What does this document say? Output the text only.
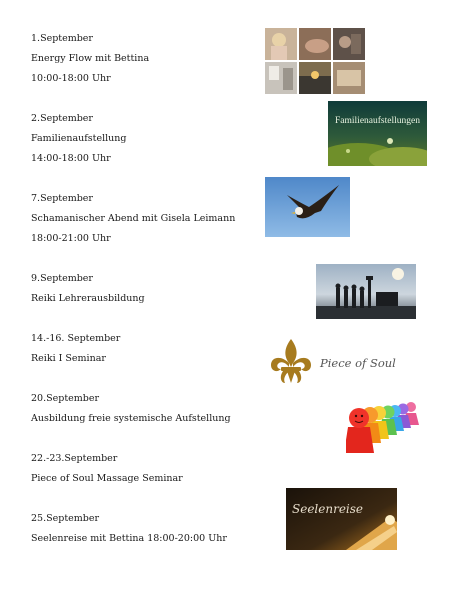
1.September
Energy Flow mit Bettina
10:00-18:00 Uhr
2.September
Familienaufstellung
14:00-18:00 Uhr
7.September
Schamanischer Abend mit Gisela Leimann
18:00-21:00 Uhr
9.September
Reiki Lehrerausbildung
14.-16. September
Reiki I Seminar
20.September
Ausbildung freie systemische Aufstellung
22.-23.September
Piece of Soul Massage Seminar
25.September
Seelenreise mit Bettina 18:00-20:00 Uhr
Familienaufstellungen
Piece of Soul
Seelenreise
